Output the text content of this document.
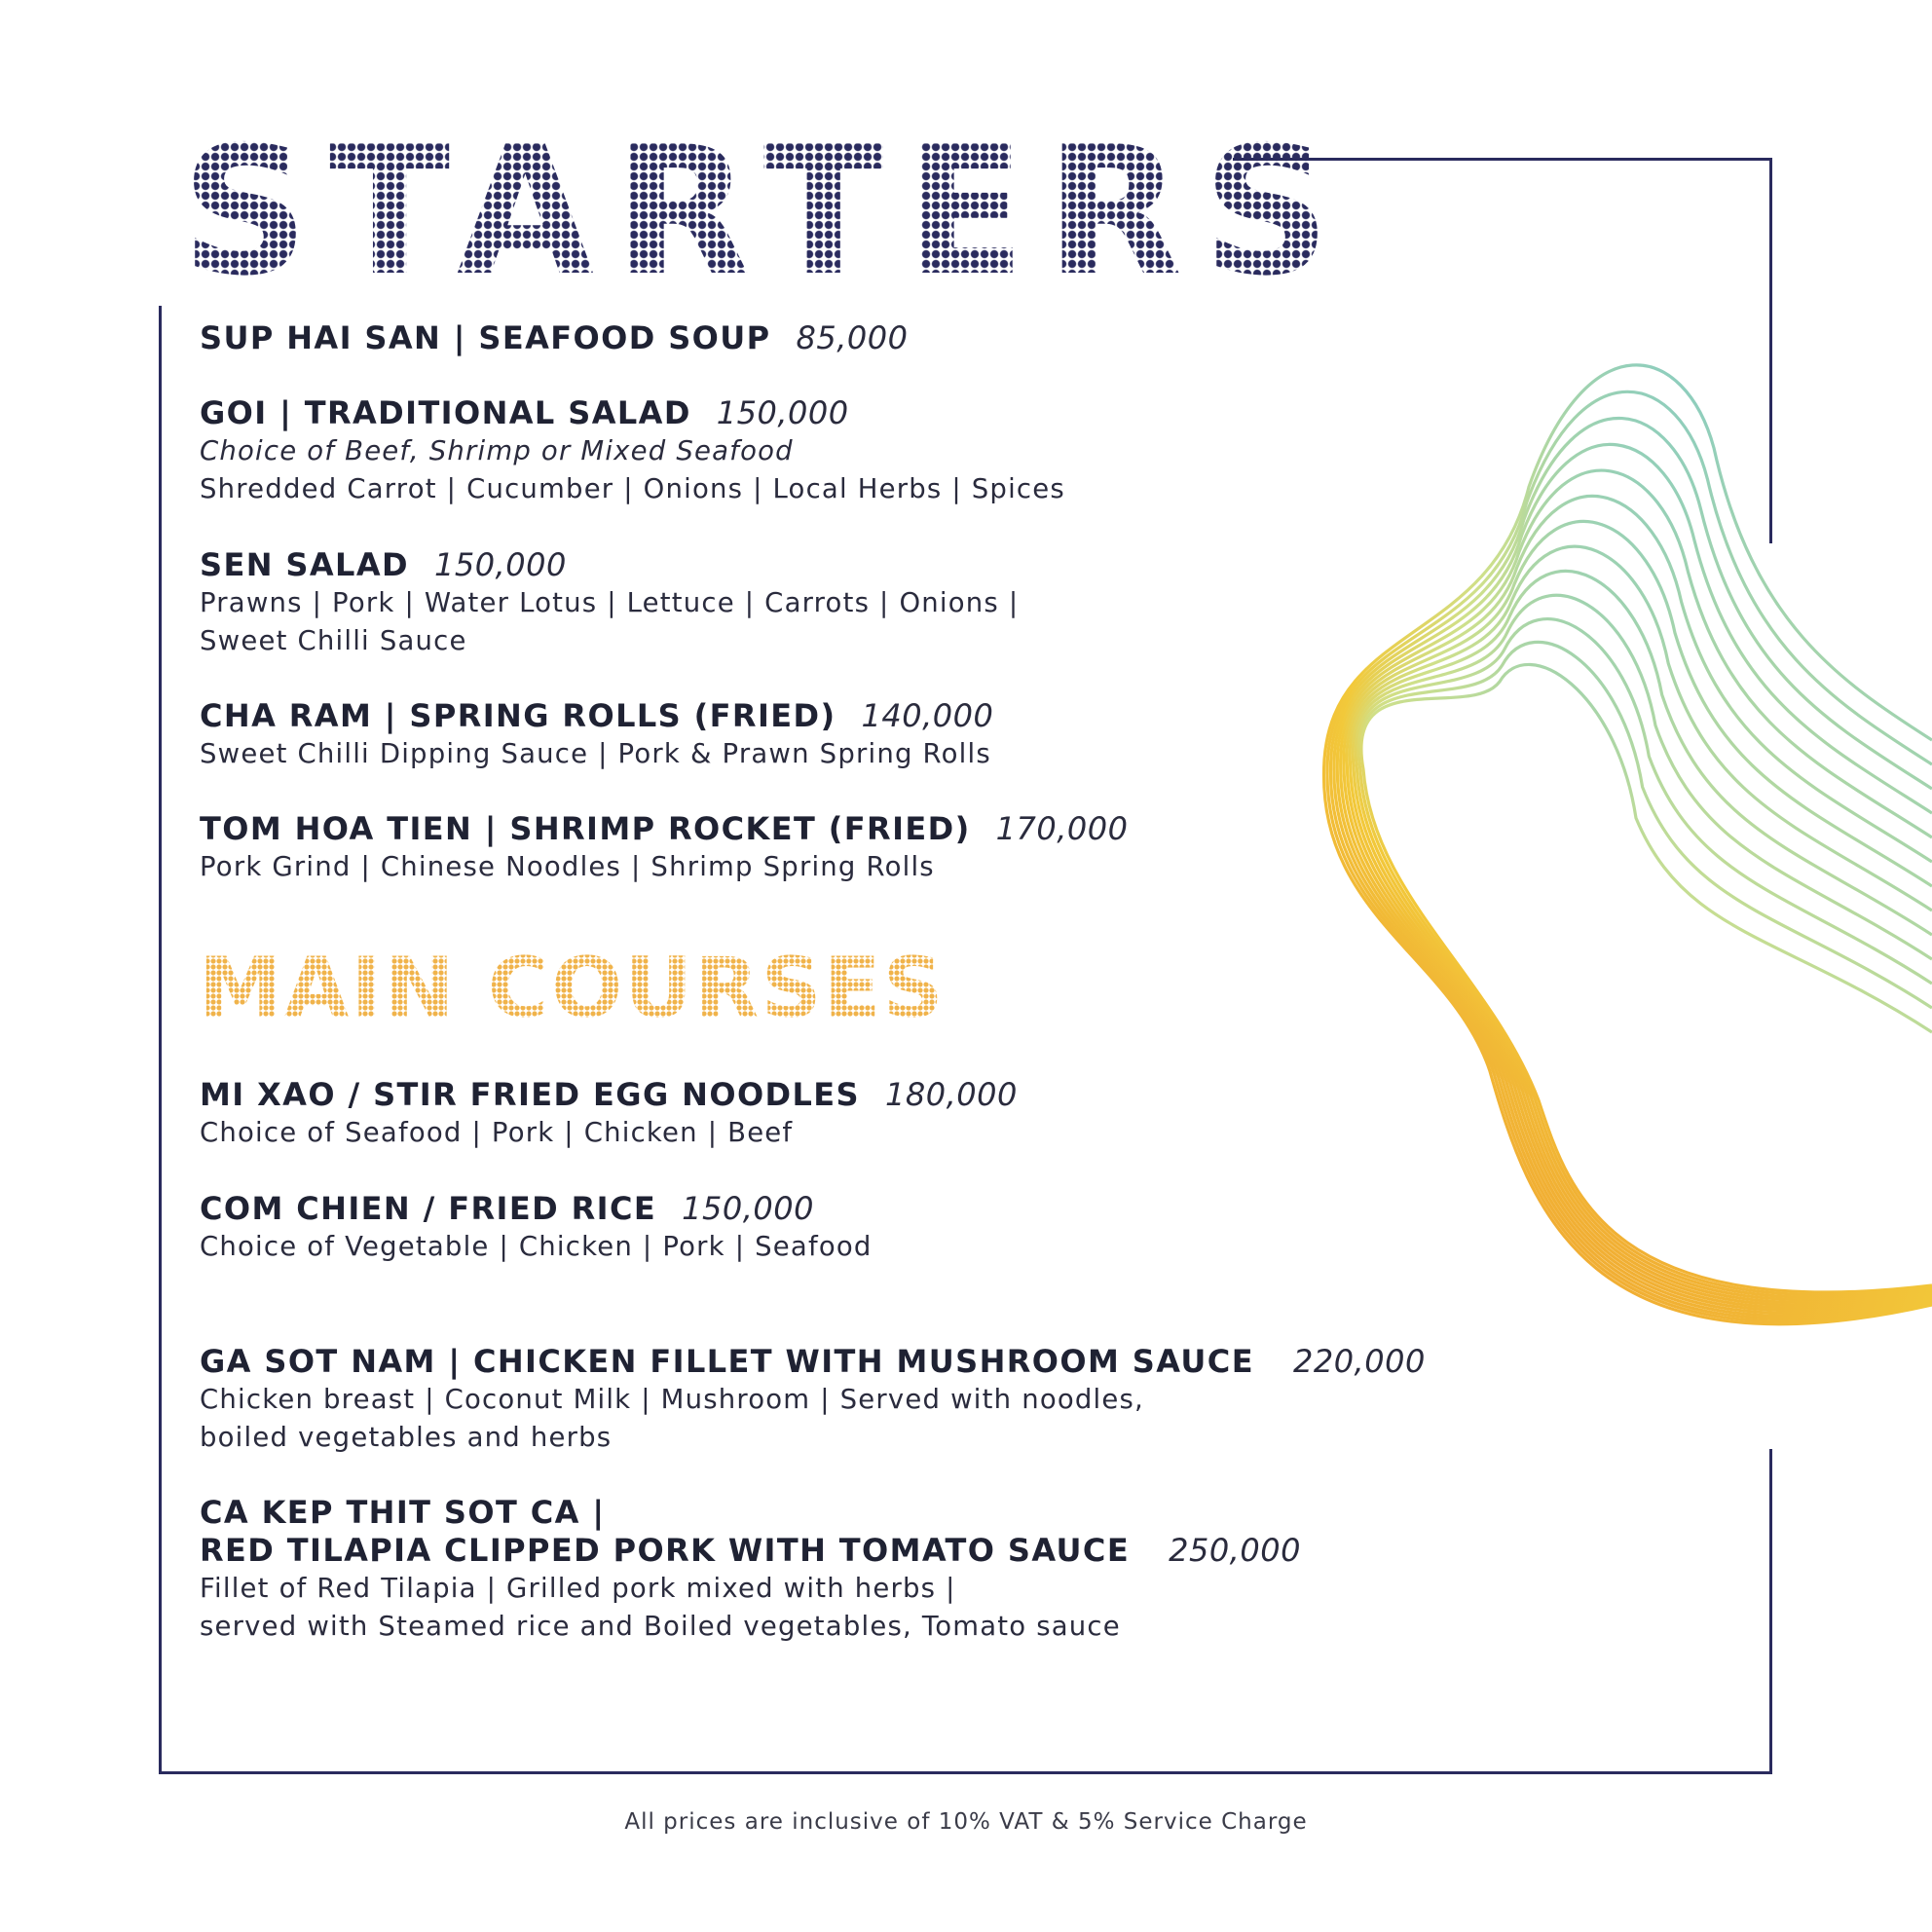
STARTERS
SUP HAI SAN | SEAFOOD SOUP 85,000
GOI | TRADITIONAL SALAD 150,000
Choice of Beef, Shrimp or Mixed Seafood
Shredded Carrot | Cucumber | Onions | Local Herbs | Spices
SEN SALAD 150,000
Prawns | Pork | Water Lotus | Lettuce | Carrots | Onions |
Sweet Chilli Sauce
CHA RAM | SPRING ROLLS (FRIED) 140,000
Sweet Chilli Dipping Sauce | Pork & Prawn Spring Rolls
TOM HOA TIEN | SHRIMP ROCKET (FRIED) 170,000
Pork Grind | Chinese Noodles | Shrimp Spring Rolls
MAIN COURSES
MI XAO / STIR FRIED EGG NOODLES 180,000
Choice of Seafood | Pork | Chicken | Beef
COM CHIEN / FRIED RICE 150,000
Choice of Vegetable | Chicken | Pork | Seafood
GA SOT NAM | CHICKEN FILLET WITH MUSHROOM SAUCE 220,000
Chicken breast | Coconut Milk | Mushroom | Served with noodles,
boiled vegetables and herbs
CA KEP THIT SOT CA |
RED TILAPIA CLIPPED PORK WITH TOMATO SAUCE 250,000
Fillet of Red Tilapia | Grilled pork mixed with herbs |
served with Steamed rice and Boiled vegetables, Tomato sauce
All prices are inclusive of 10% VAT & 5% Service Charge
